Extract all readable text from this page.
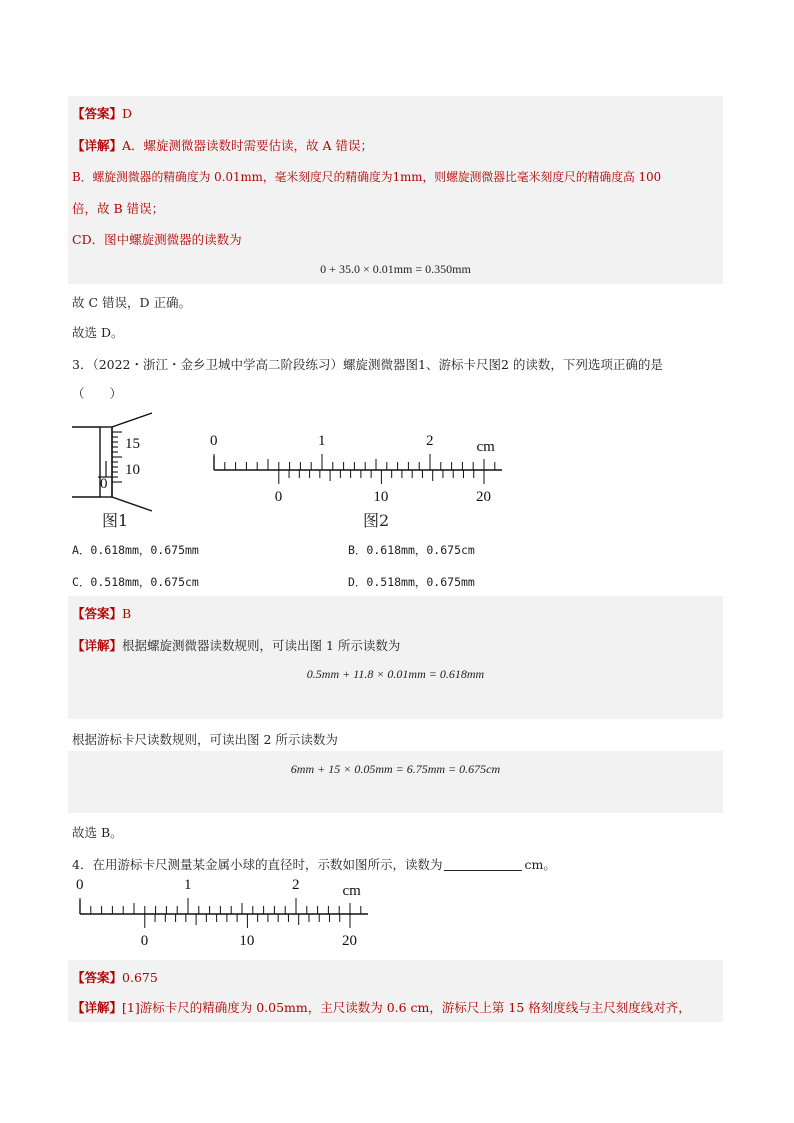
【答案】D
【详解】A．螺旋测微器读数时需要估读，故 A 错误；
B．螺旋测微器的精确度为 0.01mm，毫米刻度尺的精确度为1mm，则螺旋测微器比毫米刻度尺的精确度高 100
倍，故 B 错误；
CD．图中螺旋测微器的读数为
0 + 35.0 × 0.01mm = 0.350mm
故 C 错误，D 正确。
故选 D。
3．（2022・浙江・金乡卫城中学高二阶段练习）螺旋测微器图1、游标卡尺图2 的读数，下列选项正确的是
（　　）
15
10
0
图1
0	1	2	cm
0	10	20
图2
A．0.618mm，0.675mm	B．0.618mm，0.675cm
C．0.518mm，0.675cm	D．0.518mm，0.675mm
【答案】B
【详解】根据螺旋测微器读数规则，可读出图 1 所示读数为
0.5mm + 11.8 × 0.01mm = 0.618mm
根据游标卡尺读数规则，可读出图 2 所示读数为
6mm + 15 × 0.05mm = 6.75mm = 0.675cm
故选 B。
4．在用游标卡尺测量某金属小球的直径时，示数如图所示，读数为	cm。
0	1	2	cm
0	10	20
【答案】0.675
【详解】[1]游标卡尺的精确度为 0.05mm，主尺读数为 0.6 cm，游标尺上第 15 格刻度线与主尺刻度线对齐，
